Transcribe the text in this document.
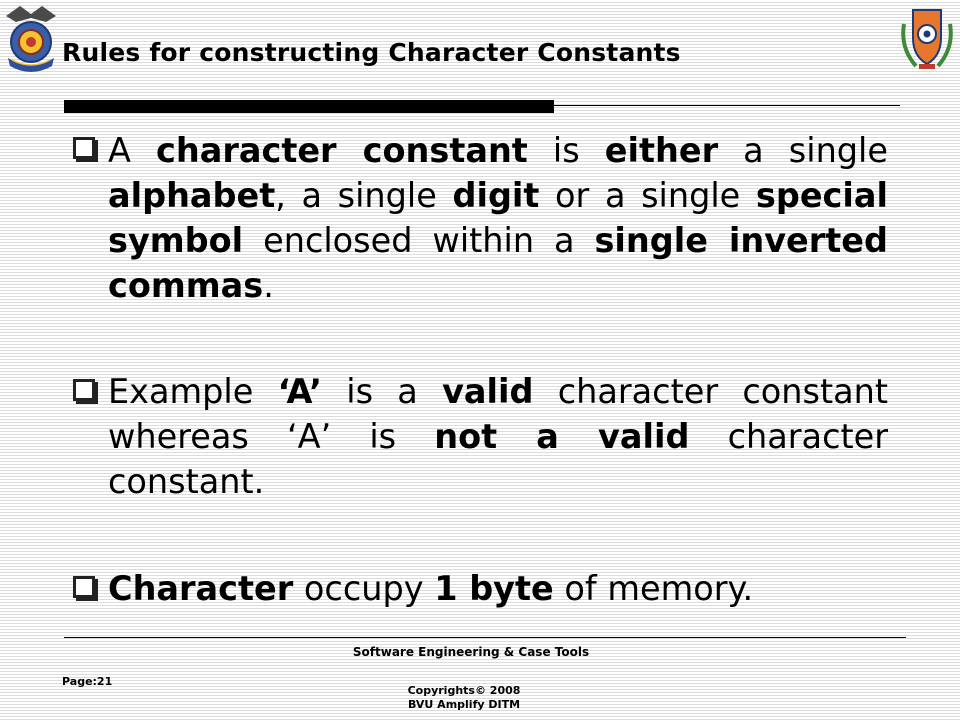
Rules for constructing Character Constants
A character constant is either a single alphabet, a single digit or a single special symbol enclosed within a single inverted commas.
Example ‘A’ is a valid character constant whereas ‘A’ is not a valid character constant.
Character occupy 1 byte of memory.
Software Engineering & Case Tools
Page:21
Copyrights© 2008
BVU Amplify DITM
